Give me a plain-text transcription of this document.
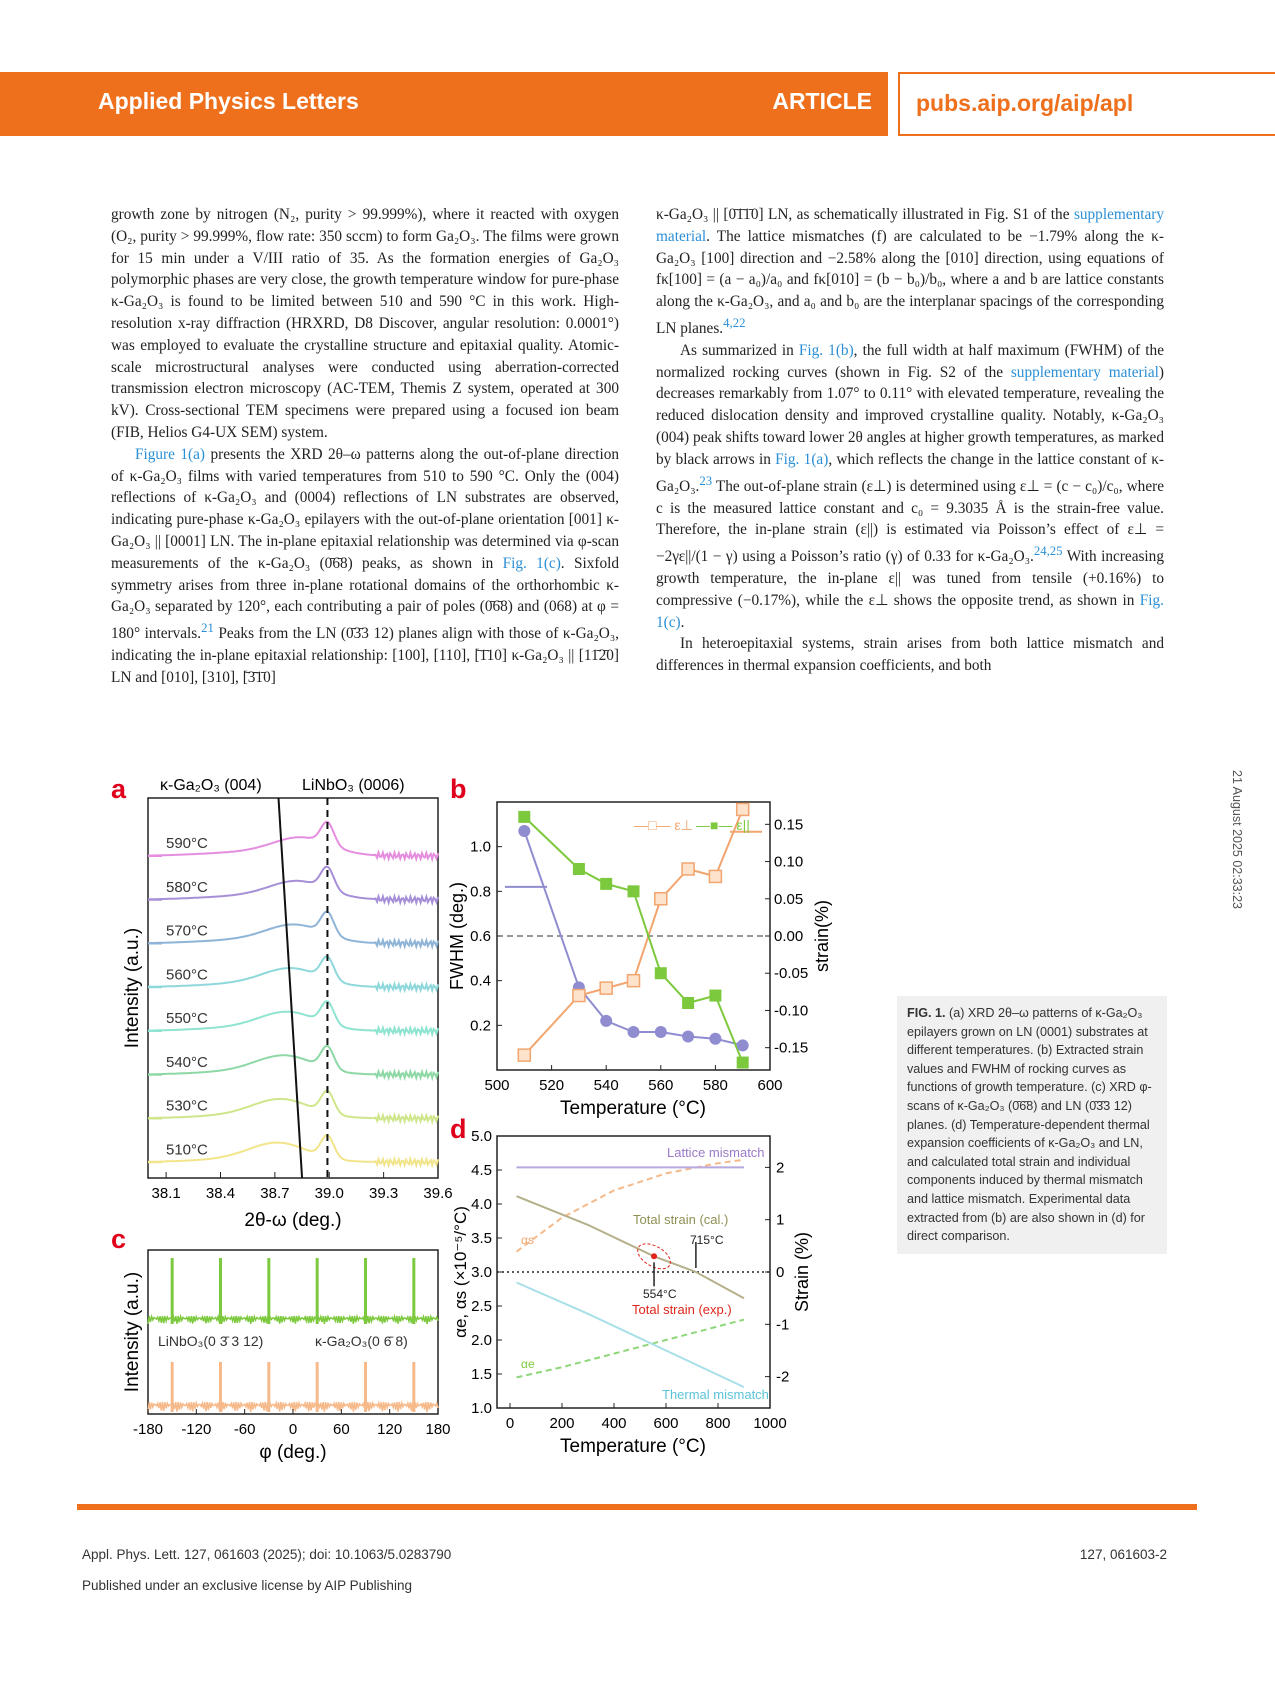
Applied Physics Letters	ARTICLE pubs.aip.org/aip/apl

growth zone by nitrogen (N₂, purity > 99.999%), where it reacted with oxygen (O₂, purity > 99.999%, flow rate: 350 sccm) to form Ga₂O₃. The films were grown for 15 min under a V/III ratio of 35. As the formation energies of Ga₂O₃ polymorphic phases are very close, the growth temperature window for pure-phase κ-Ga₂O₃ is found to be limited between 510 and 590 °C in this work. High-resolution x-ray diffraction (HRXRD, D8 Discover, angular resolution: 0.0001°) was employed to evaluate the crystalline structure and epitaxial quality. Atomic-scale microstructural analyses were conducted using aberration-corrected transmission electron microscopy (AC-TEM, Themis Z system, operated at 300 kV). Cross-sectional TEM specimens were prepared using a focused ion beam (FIB, Helios G4-UX SEM) system.

Figure 1(a) presents the XRD 2θ–ω patterns along the out-of-plane direction of κ-Ga₂O₃ films with varied temperatures from 510 to 590 °C. Only the (004) reflections of κ-Ga₂O₃ and (0004) reflections of LN substrates are observed, indicating pure-phase κ-Ga₂O₃ epilayers with the out-of-plane orientation [001] κ-Ga₂O₃ || [0001] LN. The in-plane epitaxial relationship was determined via φ-scan measurements of the κ-Ga₂O₃ (0̄6̄8) peaks, as shown in Fig. 1(c). Sixfold symmetry arises from three in-plane rotational domains of the orthorhombic κ-Ga₂O₃ separated by 120°, each contributing a pair of poles (0̄6̄8) and (068) at φ = 180° intervals.$^{21}$ Peaks from the LN (0̄3̄3 12) planes align with those of κ-Ga₂O₃, indicating the in-plane epitaxial relationship: [100], [110], [̄1̄10] κ-Ga₂O₃ || [11̄2̄0] LN and [010], [310], [̄3̄̄1̄0]

κ-Ga₂O₃ || [0̄1̄1̄0] LN, as schematically illustrated in Fig. S1 of the supplementary material. The lattice mismatches (f) are calculated to be −1.79% along the κ-Ga₂O₃ [100] direction and −2.58% along the [010] direction, using equations of fκ[100] = (a − a₀)/a₀ and fκ[010] = (b − b₀)/b₀, where a and b are lattice constants along the κ-Ga₂O₃, and a₀ and b₀ are the interplanar spacings of the corresponding LN planes.$^{4,22}$

As summarized in Fig. 1(b), the full width at half maximum (FWHM) of the normalized rocking curves (shown in Fig. S2 of the supplementary material) decreases remarkably from 1.07° to 0.11° with elevated temperature, revealing the reduced dislocation density and improved crystalline quality. Notably, κ-Ga₂O₃ (004) peak shifts toward lower 2θ angles at higher growth temperatures, as marked by black arrows in Fig. 1(a), which reflects the change in the lattice constant of κ-Ga₂O₃.$^{23}$ The out-of-plane strain (ε⊥) is determined using ε⊥ = (c − c₀)/c₀, where c is the measured lattice constant and c₀ = 9.3035 Å is the strain-free value. Therefore, the in-plane strain (ε||) is estimated via Poisson’s effect of ε⊥ = −2γε||/(1 − γ) using a Poisson’s ratio (γ) of 0.33 for κ-Ga₂O₃.$^{24,25}$ With increasing growth temperature, the in-plane ε|| was tuned from tensile (+0.16%) to compressive (−0.17%), while the ε⊥ shows the opposite trend, as shown in Fig. 1(c).

In heteroepitaxial systems, strain arises from both lattice mismatch and differences in thermal expansion coefficients, and both

21 August 2025 02:33:23
a	b
c
d
κ-Ga₂O₃ (004)	LiNbO₃ (0006)
590°C
580°C
570°C
560°C
550°C
540°C
530°C
510°C
38.1 38.4 38.7 39.0 39.3 39.6
2θ-ω (deg.)
Intensity (a.u.)
500 520 540 560 580 600
0.2
0.4
0.6
0.8
1.0
0.15
0.10
0.05
0.00
-0.05
-0.10
-0.15
Temperature (°C)
FWHM (deg.)	strain(%)
—□— ε⊥ —■— ε||
-180 -120 -60 0 60 120 180
φ (deg.)
Intensity (a.u.) LiNbO₃(0 3̄ 3 12)	κ-Ga₂O₃(0 6̄ 8)
0 200 400 600 800 1000
1.0
1.5
2.0
2.5
3.0
3.5
4.0
4.5
5.0
2
1
0
-1
-2
Temperature (°C)
αe, αs (×10⁻⁵/°C)	Strain (%)
Lattice mismatch
Total strain (cal.)
Total strain (exp.)
Thermal mismatch
αs
αe
715°C
554°C
FIG. 1. (a) XRD 2θ–ω patterns of κ-Ga₂O₃ epilayers grown on LN (0001) substrates at different temperatures. (b) Extracted strain values and FWHM of rocking curves as functions of growth temperature. (c) XRD φ-scans of κ-Ga₂O₃ (0̄6̄8) and LN (0̄3̄3 12) planes. (d) Temperature-dependent thermal expansion coefficients of κ-Ga₂O₃ and LN, and calculated total strain and individual components induced by thermal mismatch and lattice mismatch. Experimental data extracted from (b) are also shown in (d) for direct comparison.
Appl. Phys. Lett. 127, 061603 (2025); doi: 10.1063/5.0283790
Published under an exclusive license by AIP Publishing
127, 061603-2
